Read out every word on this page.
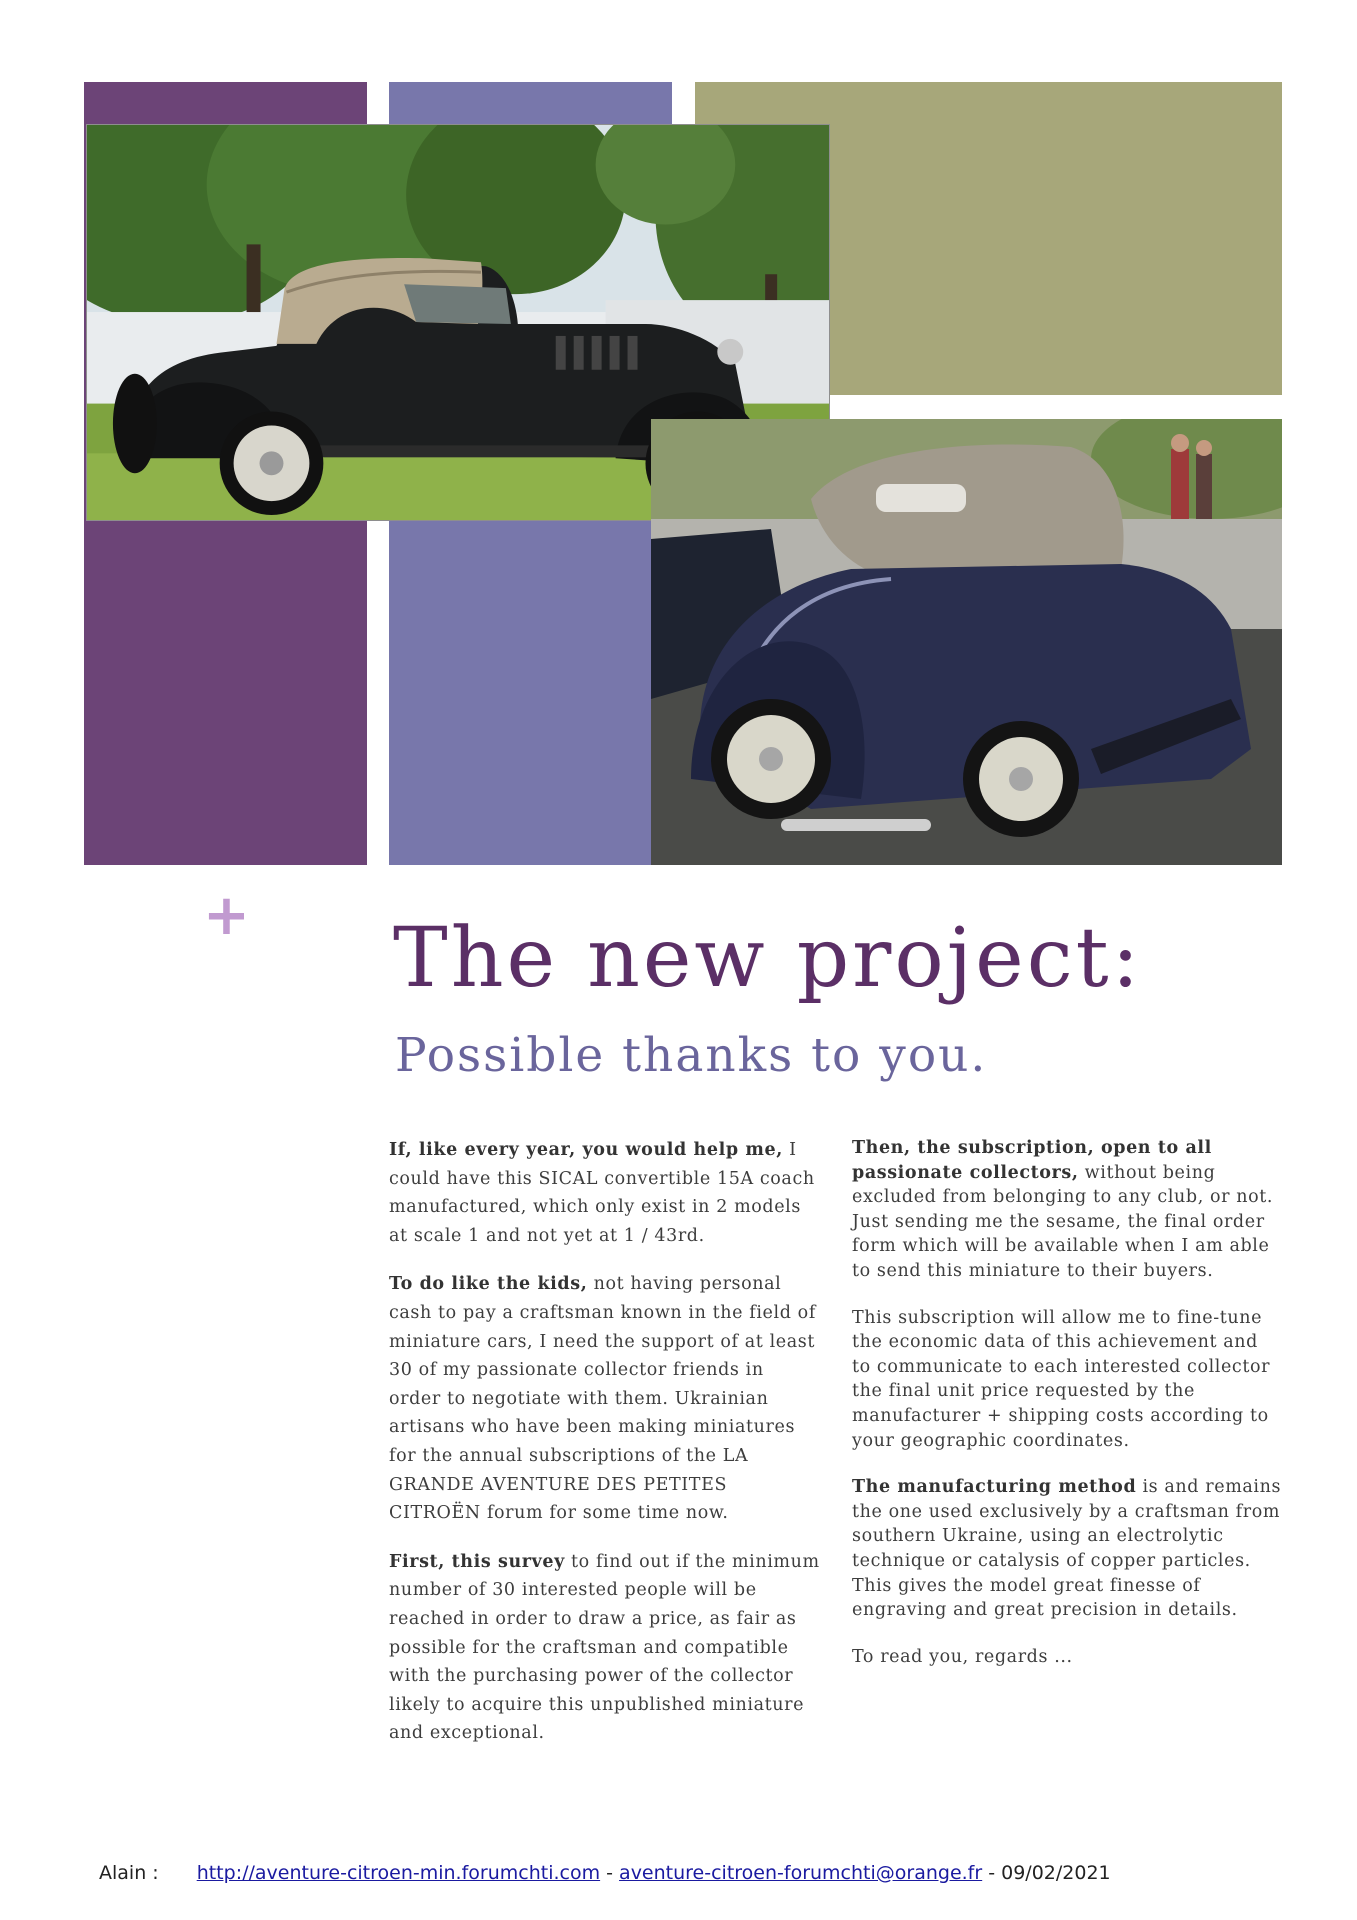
+ The new project:
Possible thanks to you.

If, like every year, you would help me, I could have this SICAL convertible 15A coach manufactured, which only exist in 2 models at scale 1 and not yet at 1 / 43rd.

To do like the kids, not having personal cash to pay a craftsman known in the field of miniature cars, I need the support of at least 30 of my passionate collector friends in order to negotiate with them. Ukrainian artisans who have been making miniatures for the annual subscriptions of the LA GRANDE AVENTURE DES PETITES CITROËN forum for some time now.

First, this survey to find out if the minimum number of 30 interested people will be reached in order to draw a price, as fair as possible for the craftsman and compatible with the purchasing power of the collector likely to acquire this unpublished miniature and exceptional.

Then, the subscription, open to all passionate collectors, without being excluded from belonging to any club, or not. Just sending me the sesame, the final order form which will be available when I am able to send this miniature to their buyers.

This subscription will allow me to fine-tune the economic data of this achievement and to communicate to each interested collector the final unit price requested by the manufacturer + shipping costs according to your geographic coordinates.

The manufacturing method is and remains the one used exclusively by a craftsman from southern Ukraine, using an electrolytic technique or catalysis of copper particles. This gives the model great finesse of engraving and great precision in details.

To read you, regards ...

Alain : http://aventure-citroen-min.forumchti.com - aventure-citroen-forumchti@orange.fr - 09/02/2021
